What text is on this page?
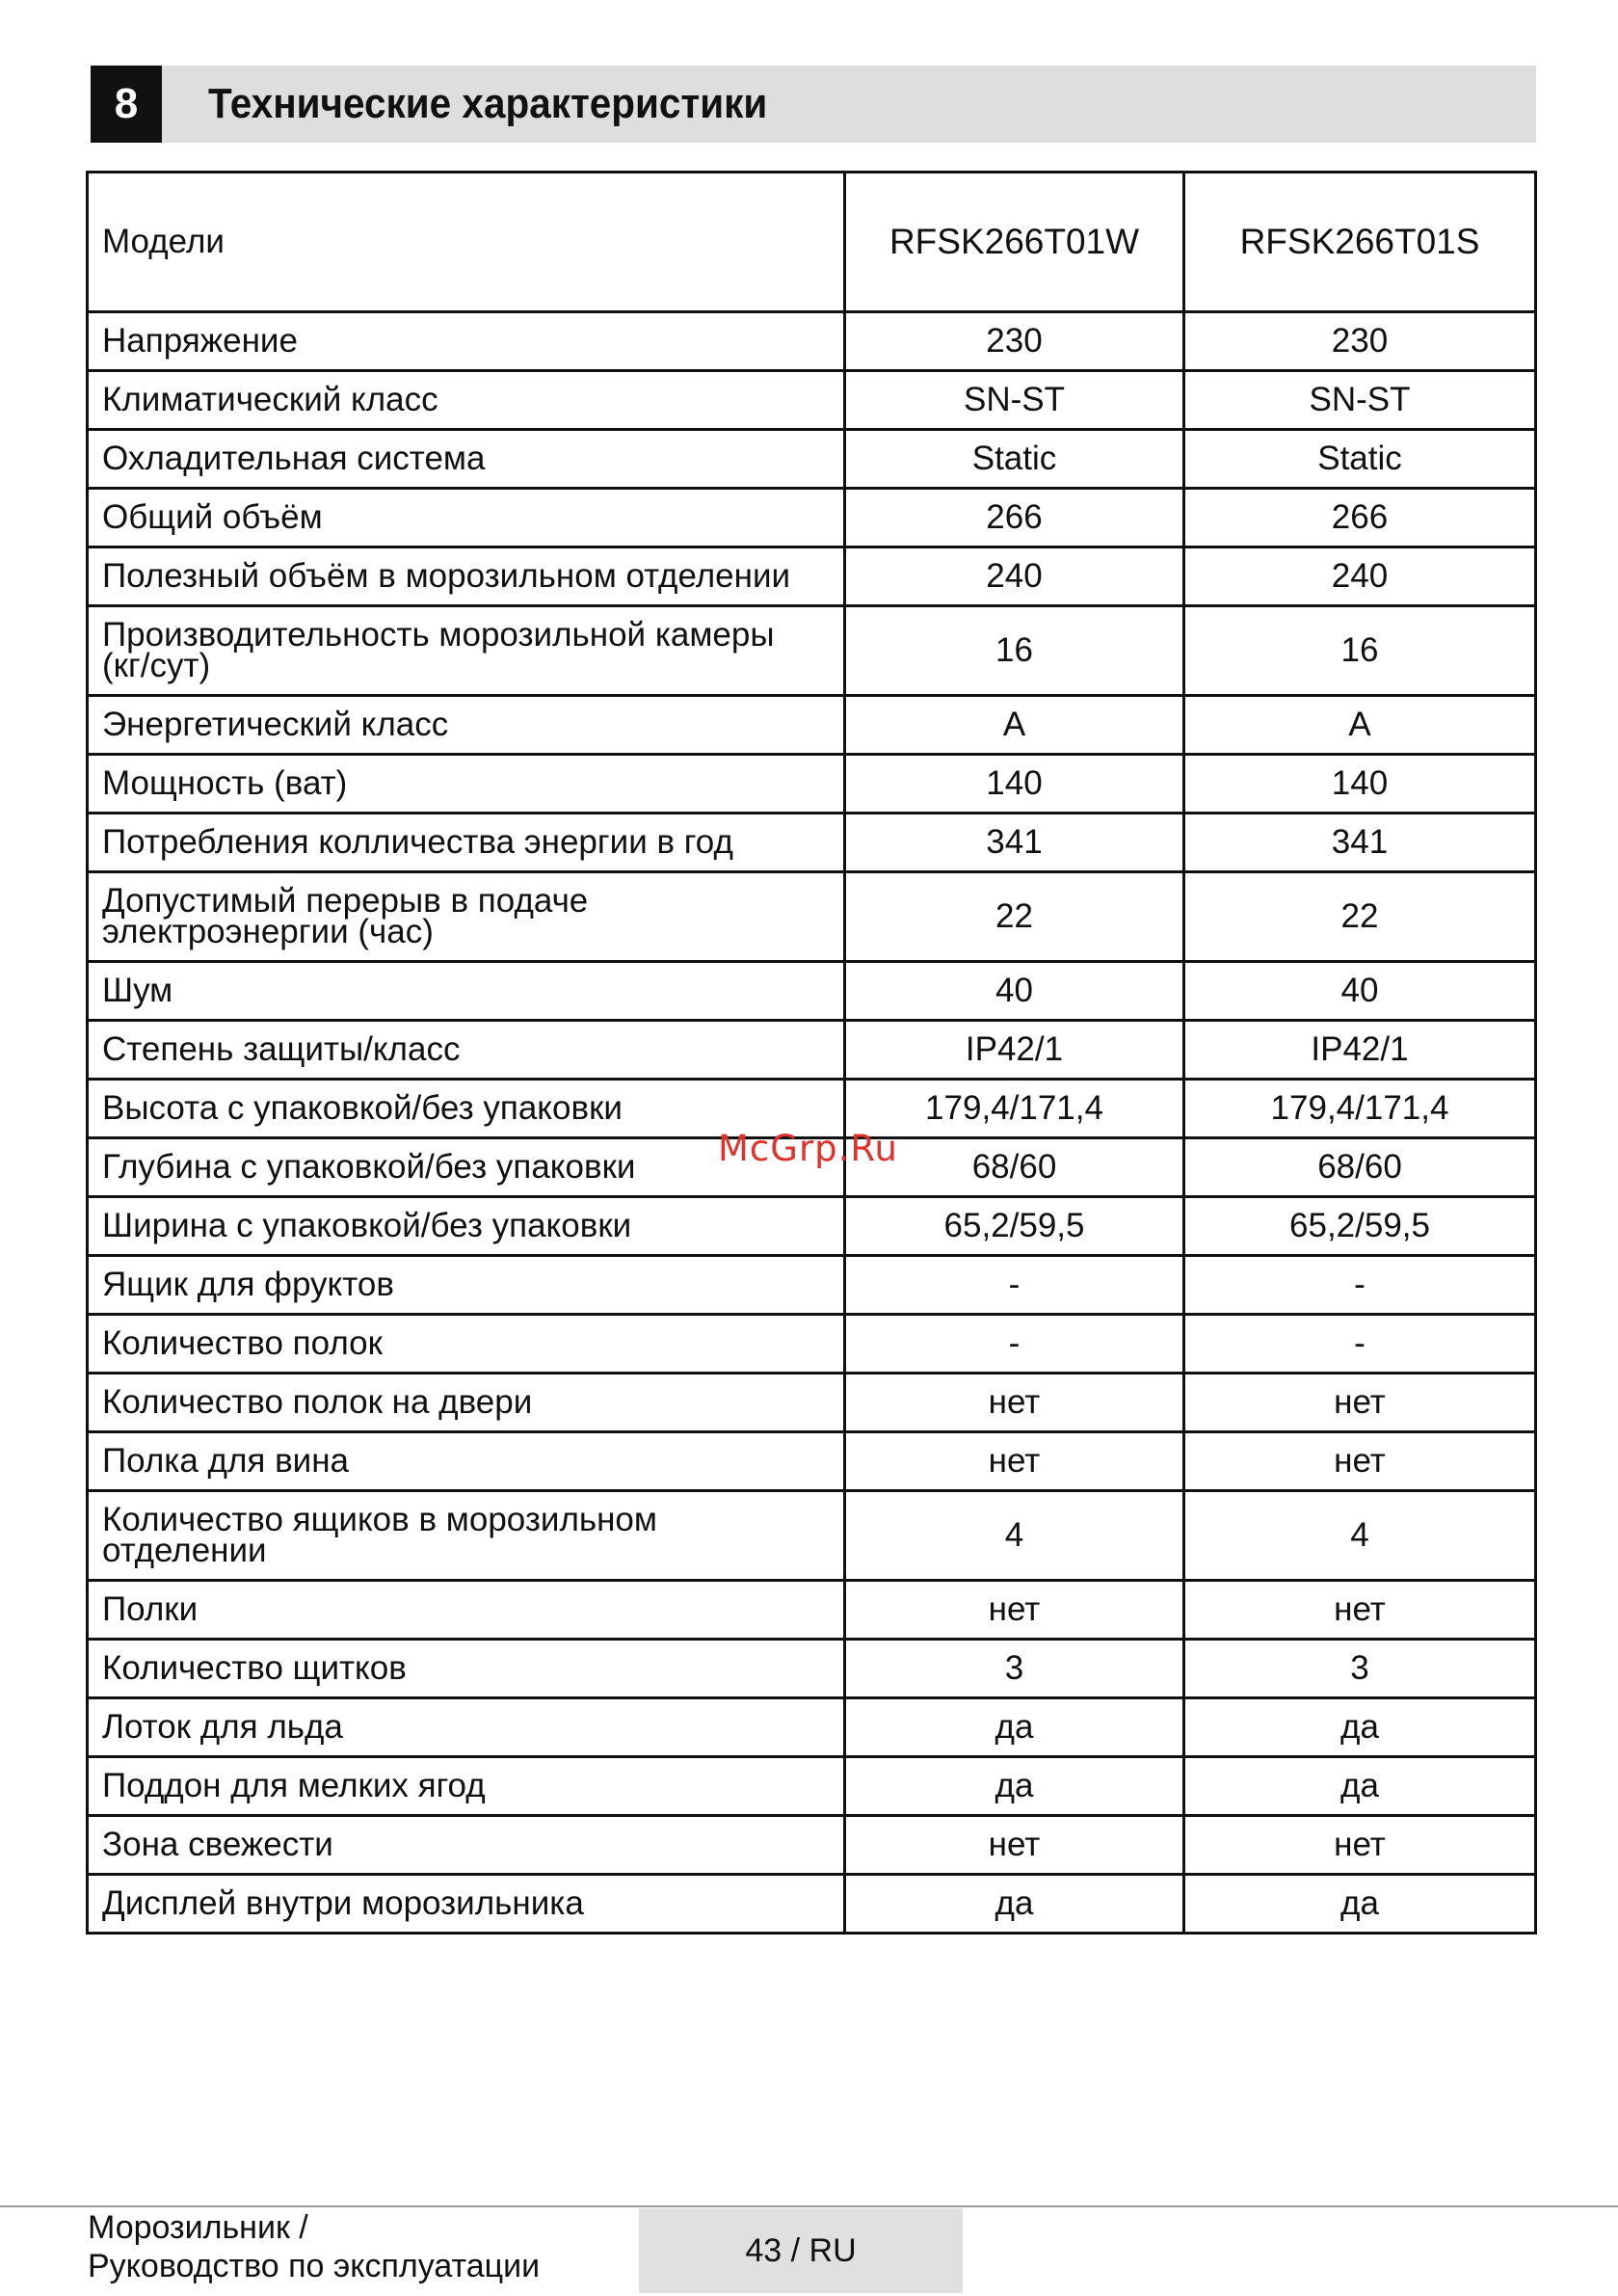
8	Технические характеристики
Модели	RFSK266T01W	RFSK266T01S
Напряжение	230	230
Климатический класс	SN-ST	SN-ST
Охладительная система	Static	Static
Общий объём	266	266
Полезный объём в морозильном отделении	240	240
Производительность морозильной камеры (кг/сут)	16	16
Энергетический класс	A	A
Мощность (ват)	140	140
Потребления колличества энергии в год	341	341
Допустимый перерыв в подаче электроэнергии (час)	22	22
Шум	40	40
Степень защиты/класс	IP42/1	IP42/1
Высота с упаковкой/без упаковки	179,4/171,4	179,4/171,4
Глубина с упаковкой/без упаковки	68/60	68/60
Ширина с упаковкой/без упаковки	65,2/59,5	65,2/59,5
Ящик для фруктов	-	-
Количество полок	-	-
Количество полок на двери	нет	нет
Полка для вина	нет	нет
Количество ящиков в морозильном отделении	4	4
Полки	нет	нет
Количество щитков	3	3
Лоток для льда	да	да
Поддон для мелких ягод	да	да
Зона свежести	нет	нет
Дисплей внутри морозильника	да	да
McGrp.Ru
Морозильник /
Руководство по эксплуатации	43 / RU
